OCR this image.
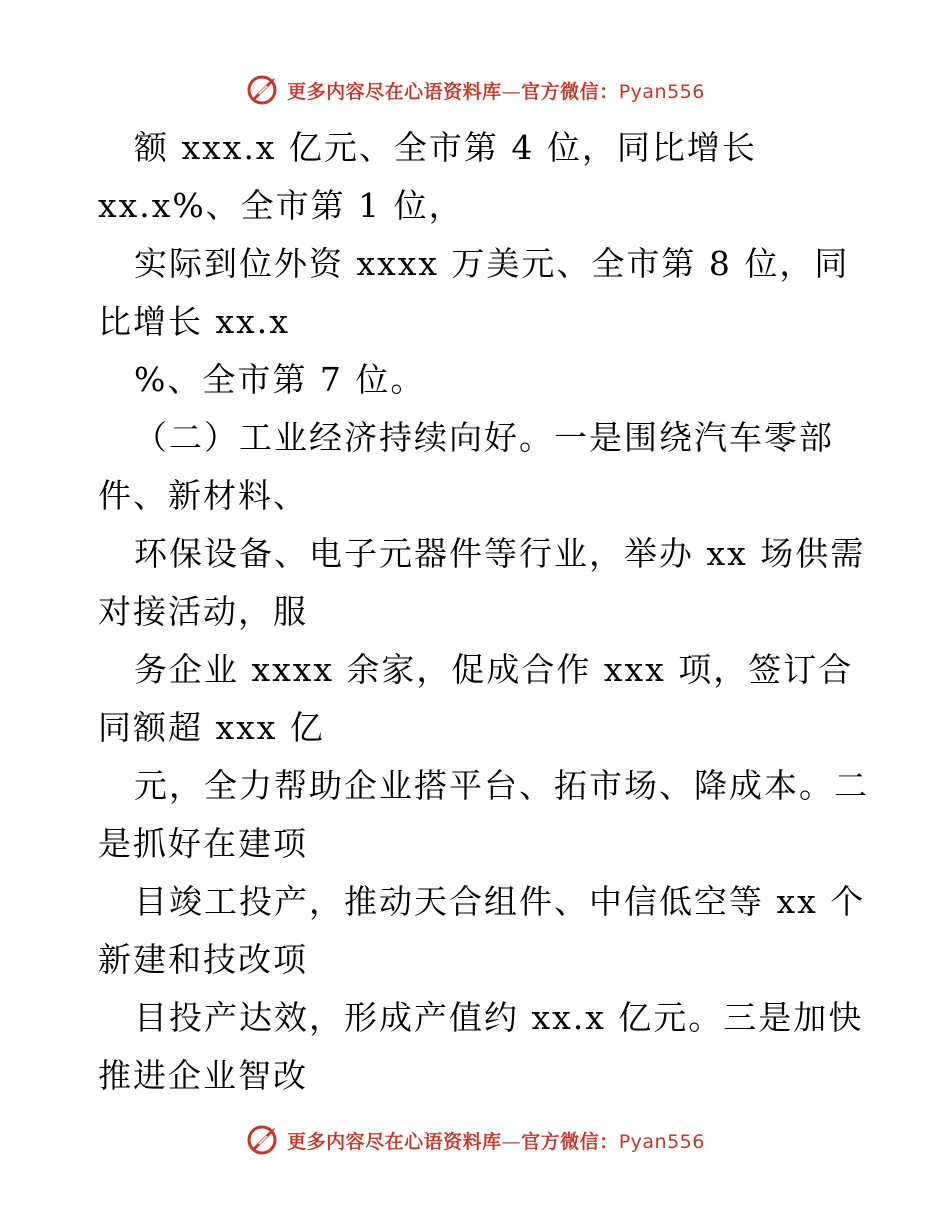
更多内容尽在心语资料库—官方微信：Pyan556
额 xxx.x 亿元、全市第 4 位，同比增长
xx.x%、全市第 1 位，
实际到位外资 xxxx 万美元、全市第 8 位，同
比增长 xx.x
%、全市第 7 位。
（二）工业经济持续向好。一是围绕汽车零部
件、新材料、
环保设备、电子元器件等行业，举办 xx 场供需
对接活动，服
务企业 xxxx 余家，促成合作 xxx 项，签订合
同额超 xxx 亿
元，全力帮助企业搭平台、拓市场、降成本。二
是抓好在建项
目竣工投产，推动天合组件、中信低空等 xx 个
新建和技改项
目投产达效，形成产值约 xx.x 亿元。三是加快
推进企业智改
更多内容尽在心语资料库—官方微信：Pyan556
